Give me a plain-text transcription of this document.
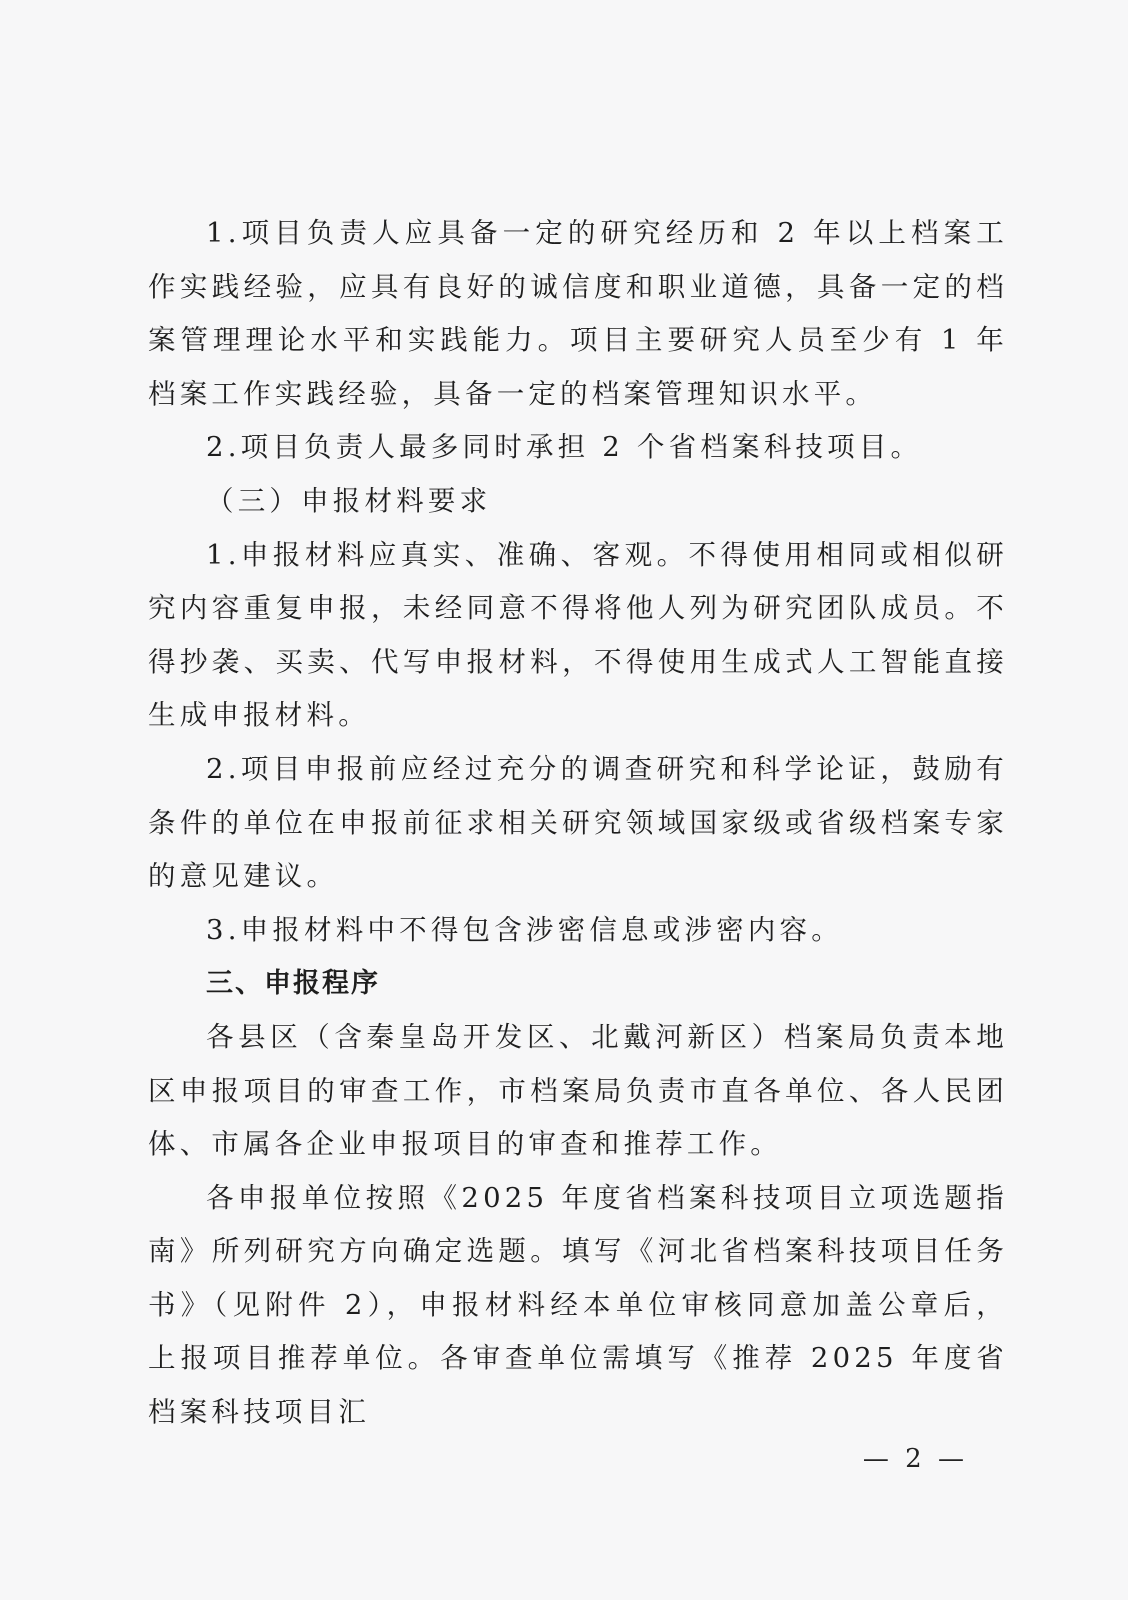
1.项目负责人应具备一定的研究经历和 2 年以上档案工作实践经验，应具有良好的诚信度和职业道德，具备一定的档案管理理论水平和实践能力。项目主要研究人员至少有 1 年档案工作实践经验，具备一定的档案管理知识水平。

2.项目负责人最多同时承担 2 个省档案科技项目。

（三）申报材料要求

1.申报材料应真实、准确、客观。不得使用相同或相似研究内容重复申报，未经同意不得将他人列为研究团队成员。不得抄袭、买卖、代写申报材料，不得使用生成式人工智能直接生成申报材料。

2.项目申报前应经过充分的调查研究和科学论证，鼓励有条件的单位在申报前征求相关研究领域国家级或省级档案专家的意见建议。

3.申报材料中不得包含涉密信息或涉密内容。

三、申报程序

各县区（含秦皇岛开发区、北戴河新区）档案局负责本地区申报项目的审查工作，市档案局负责市直各单位、各人民团体、市属各企业申报项目的审查和推荐工作。

各申报单位按照《2025 年度省档案科技项目立项选题指南》所列研究方向确定选题。填写《河北省档案科技项目任务书》（见附件 2），申报材料经本单位审核同意加盖公章后，上报项目推荐单位。各审查单位需填写《推荐 2025 年度省档案科技项目汇

— 2 —
